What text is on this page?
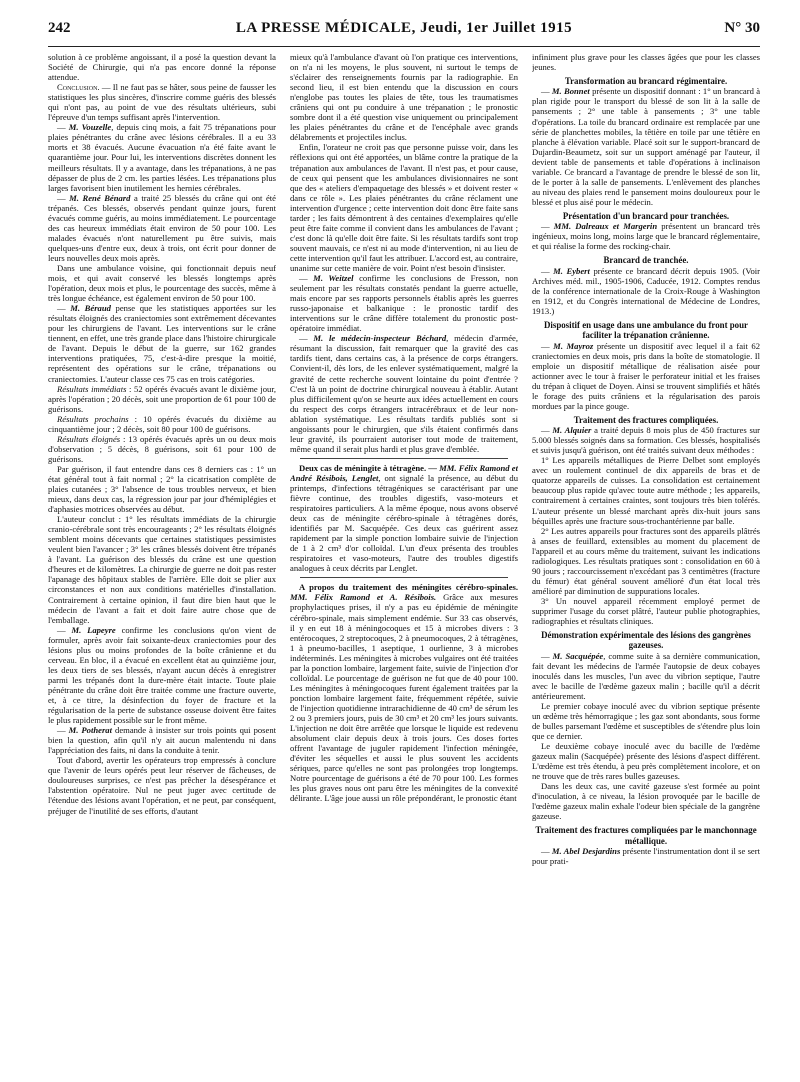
242	LA PRESSE MÉDICALE, Jeudi, 1er Juillet 1915	N° 30

solution à ce problème angoissant, il a posé la question devant la Société de Chirurgie, qui n'a pas encore donné la réponse attendue.

Conclusion. — Il ne faut pas se hâter, sous peine de fausser les statistiques les plus sincères, d'inscrire comme guéris des blessés qui n'ont pas, au point de vue des résultats ultérieurs, subi l'épreuve d'un temps suffisant après l'intervention.

— M. Vouzelle, depuis cinq mois, a fait 75 trépanations pour plaies pénétrantes du crâne avec lésions cérébrales. Il a eu 33 morts et 38 évacués. Aucune évacuation n'a été faite avant le quarantième jour. Pour lui, les interventions discrètes donnent les meilleurs résultats. Il y a avantage, dans les trépanations, à ne pas dépasser de plus de 2 cm. les parties lésées. Les trépanations plus larges favorisent bien inutilement les hernies cérébrales.

— M. René Bénard a traité 25 blessés du crâne qui ont été trépanés. Ces blessés, observés pendant quinze jours, furent évacués comme guéris, au moins immédiatement. Le pourcentage des cas heureux immédiats était environ de 50 pour 100. Les malades évacués n'ont naturellement pu être suivis, mais quelques-uns d'entre eux, deux à trois, ont écrit pour donner de leurs nouvelles deux mois après.

Dans une ambulance voisine, qui fonctionnait depuis neuf mois, et qui avait conservé les blessés longtemps après l'opération, deux mois et plus, le pourcentage des succès, même à très longue échéance, est également environ de 50 pour 100.

— M. Béraud pense que les statistiques apportées sur les résultats éloignés des craniectomies sont extrêmement décevantes pour les chirurgiens de l'avant. Les interventions sur le crâne tiennent, en effet, une très grande place dans l'histoire chirurgicale de l'avant. Depuis le début de la guerre, sur 162 grandes interventions pratiquées, 75, c'est-à-dire presque la moitié, représentent des opérations sur le crâne, trépanations ou craniectomies. L'auteur classe ces 75 cas en trois catégories.

Résultats immédiats : 52 opérés évacués avant le dixième jour, après l'opération ; 20 décès, soit une proportion de 61 pour 100 de guérisons.

Résultats prochains : 10 opérés évacués du dixième au cinquantième jour ; 2 décès, soit 80 pour 100 de guérisons.

Résultats éloignés : 13 opérés évacués après un ou deux mois d'observation ; 5 décès, 8 guérisons, soit 61 pour 100 de guérisons.

Par guérison, il faut entendre dans ces 8 derniers cas : 1° un état général tout à fait normal ; 2° la cicatrisation complète de plaies cutanées ; 3° l'absence de tous troubles nerveux, et bien mieux, dans deux cas, la régression jour par jour d'hémiplégies et d'aphasies motrices observées au début.

L'auteur conclut : 1° les résultats immédiats de la chirurgie cranio-cérébrale sont très encourageants ; 2° les résultats éloignés semblent moins décevants que certaines statistiques pessimistes veulent bien l'avancer ; 3° les crânes blessés doivent être trépanés à l'avant. La guérison des blessés du crâne est une question d'heures et de kilomètres. La chirurgie de guerre ne doit pas rester l'apanage des hôpitaux stables de l'arrière. Elle doit se plier aux circonstances et non aux conditions matérielles d'installation. Contrairement à certaine opinion, il faut dire bien haut que le médecin de l'avant a fait et doit faire autre chose que de l'emballage.

— M. Lapeyre confirme les conclusions qu'on vient de formuler, après avoir fait soixante-deux craniectomies pour des lésions plus ou moins profondes de la boîte crânienne et du cerveau. En bloc, il a évacué en excellent état au quinzième jour, les deux tiers de ses blessés, n'ayant aucun décès à enregistrer parmi les trépanés dont la dure-mère était intacte. Toute plaie pénétrante du crâne doit être traitée comme une fracture ouverte, et, à ce titre, la désinfection du foyer de fracture et la régularisation de la perte de substance osseuse doivent être faites le plus rapidement possible sur le front même.

— M. Potherat demande à insister sur trois points qui posent bien la question, afin qu'il n'y ait aucun malentendu ni dans l'appréciation des faits, ni dans la conduite à tenir.

Tout d'abord, avertir les opérateurs trop empressés à conclure que l'avenir de leurs opérés peut leur réserver de fâcheuses, de douloureuses surprises, ce n'est pas prêcher la désespérance et l'abstention opératoire. Nul ne peut juger avec certitude de l'étendue des lésions avant l'opération, et ne peut, par conséquent, préjuger de l'inutilité de ses efforts, d'autant

mieux qu'à l'ambulance d'avant où l'on pratique ces interventions, on n'a ni les moyens, le plus souvent, ni surtout le temps de s'éclairer des renseignements fournis par la radiographie. En second lieu, il est bien entendu que la discussion en cours n'englobe pas toutes les plaies de tête, tous les traumatismes crâniens qui ont pu conduire à une trépanation ; le pronostic sombre dont il a été question vise uniquement ou principalement les plaies pénétrantes du crâne et de l'encéphale avec grands délabrements et projectiles inclus.

Enfin, l'orateur ne croit pas que personne puisse voir, dans les réflexions qui ont été apportées, un blâme contre la pratique de la trépanation aux ambulances de l'avant. Il n'est pas, et pour cause, de ceux qui pensent que les ambulances divisionnaires ne sont que des « ateliers d'empaquetage des blessés » et doivent rester « dans ce rôle ». Les plaies pénétrantes du crâne réclament une intervention d'urgence ; cette intervention doit donc être faite sans tarder ; les faits démontrent à des centaines d'exemplaires qu'elle peut être faite comme il convient dans les ambulances de l'avant ; c'est donc là qu'elle doit être faite. Si les résultats tardifs sont trop souvent mauvais, ce n'est ni au mode d'intervention, ni au lieu de cette intervention qu'il faut les attribuer. L'accord est, au contraire, unanime sur cette manière de voir. Point n'est besoin d'insister.

— M. Weitzel confirme les conclusions de Fresson, non seulement par les résultats constatés pendant la guerre actuelle, mais encore par ses rapports personnels établis après les guerres russo-japonaise et balkanique : le pronostic tardif des interventions sur le crâne diffère totalement du pronostic post-opératoire immédiat.

— M. le médecin-inspecteur Béchard, médecin d'armée, résumant la discussion, fait remarquer que la gravité des cas tardifs tient, dans certains cas, à la présence de corps étrangers. Convient-il, dès lors, de les enlever systématiquement, malgré la gravité de cette recherche souvent lointaine du point d'entrée ? C'est là un point de doctrine chirurgical nouveau à établir. Autant plus difficilement qu'on se heurte aux idées actuellement en cours du respect des corps étrangers intracérébraux et de leur non-ablation systématique. Les résultats tardifs publiés sont si angoissants pour le chirurgien, que s'ils étaient confirmés dans leur gravité, ils pourraient autoriser tout mode de traitement, même quand il serait plus hardi et plus grave d'emblée.

Deux cas de méningite à tétragène. — MM. Félix Ramond et André Résibois, Lenglet, ont signalé la présence, au début du printemps, d'infections tétragéniques se caractérisant par une fièvre continue, des troubles digestifs, vaso-moteurs et respiratoires particuliers. A la même époque, nous avons observé deux cas de méningite cérébro-spinale à tétragènes dorés, identifiés par M. Sacquépée. Ces deux cas guérirent assez rapidement par la simple ponction lombaire suivie de l'injection de 1 à 2 cm³ d'or colloïdal. L'un d'eux présenta des troubles respiratoires et vaso-moteurs, l'autre des troubles digestifs analogues à ceux décrits par Lenglet.

A propos du traitement des méningites cérébro-spinales. MM. Félix Ramond et A. Résibois. Grâce aux mesures prophylactiques prises, il n'y a pas eu épidémie de méningite cérébro-spinale, mais simplement endémie. Sur 33 cas observés, il y en eut 18 à méningocoques et 15 à microbes divers : 3 entérocoques, 2 streptocoques, 2 à pneumocoques, 2 à tétragènes, 1 à pneumo-bacilles, 1 aseptique, 1 ourlienne, 3 à microbes indéterminés. Les méningites à microbes vulgaires ont été traitées par la ponction lombaire, largement faite, suivie de l'injection d'or colloïdal. Le pourcentage de guérison ne fut que de 40 pour 100. Les méningites à méningocoques furent également traitées par la ponction lombaire largement faite, fréquemment répétée, suivie de l'injection quotidienne intrarachidienne de 40 cm³ de sérum les 2 ou 3 premiers jours, puis de 30 cm³ et 20 cm³ les jours suivants. L'injection ne doit être arrêtée que lorsque le liquide est redevenu absolument clair depuis deux à trois jours. Ces doses fortes offrent l'avantage de juguler rapidement l'infection méningée, d'éviter les séquelles et aussi le plus souvent les accidents sériques, parce qu'elles ne sont pas prolongées trop longtemps. Notre pourcentage de guérisons a été de 70 pour 100. Les formes les plus graves nous ont paru être les méningites de la convexité délirante. L'âge joue aussi un rôle prépondérant, le pronostic étant

infiniment plus grave pour les classes âgées que pour les classes jeunes.

Transformation au brancard régimentaire.

— M. Bonnet présente un dispositif donnant : 1° un brancard à plan rigide pour le transport du blessé de son lit à la salle de pansements ; 2° une table à pansements ; 3° une table d'opérations. La toile du brancard ordinaire est remplacée par une série de planchettes mobiles, la têtière en toile par une têtière en planche à élévation variable. Placé soit sur le support-brancard de Dujardin-Beaumetz, soit sur un support aménagé par l'auteur, il devient table de pansements et table d'opérations à inclinaison variable. Ce brancard a l'avantage de prendre le blessé de son lit, de le porter à la salle de pansements. L'enlèvement des planches au niveau des plaies rend le pansement moins douloureux pour le blessé et plus aisé pour le médecin.

Présentation d'un brancard pour tranchées.

— MM. Dalreaux et Margerin présentent un brancard très ingénieux, moins long, moins large que le brancard réglementaire, et qui réalise la forme des rocking-chair.

Brancard de tranchée.

— M. Eybert présente ce brancard décrit depuis 1905. (Voir Archives méd. mil., 1905-1906, Caducée, 1912. Comptes rendus de la conférence internationale de la Croix-Rouge à Washington en 1912, et du Congrès international de Médecine de Londres, 1913.)

Dispositif en usage dans une ambulance du front pour faciliter la trépanation crânienne.

— M. Mayroz présente un dispositif avec lequel il a fait 62 craniectomies en deux mois, pris dans la boîte de stomatologie. Il emploie un dispositif métallique de réalisation aisée pour actionner avec le tour à fraiser le perforateur initial et les fraises du trépan à cliquet de Doyen. Ainsi se trouvent simplifiés et hâtés le forage des puits crâniens et la régularisation des parois mordues par la pince gouge.

Traitement des fractures compliquées.

— M. Alquier a traité depuis 8 mois plus de 450 fractures sur 5.000 blessés soignés dans sa formation. Ces blessés, hospitalisés et suivis jusqu'à guérison, ont été traités suivant deux méthodes :

1° Les appareils métalliques de Pierre Delbet sont employés avec un roulement continuel de dix appareils de bras et de quatorze appareils de cuisses. La consolidation est certainement beaucoup plus rapide qu'avec toute autre méthode ; les appareils, contrairement à certaines craintes, sont toujours très bien tolérés. L'auteur présente un blessé marchant après dix-huit jours sans béquilles après une fracture sous-trochantérienne par balle.

2° Les autres appareils pour fractures sont des appareils plâtrés à anses de feuillard, extensibles au moment du placement de l'appareil et au cours même du traitement, suivant les indications radiologiques. Les résultats pratiques sont : consolidation en 60 à 90 jours ; raccourcissement n'excédant pas 3 centimètres (fracture du fémur) état général souvent amélioré d'un état local très amélioré par diminution de suppurations locales.

3° Un nouvel appareil récemment employé permet de supprimer l'usage du corset plâtré, l'auteur publie photographies, radiographies et résultats cliniques.

Démonstration expérimentale des lésions des gangrènes gazeuses.

— M. Sacquépée, comme suite à sa dernière communication, fait devant les médecins de l'armée l'autopsie de deux cobayes inoculés dans les muscles, l'un avec du vibrion septique, l'autre avec le bacille de l'œdème gazeux malin ; bacille qu'il a décrit antérieurement.

Le premier cobaye inoculé avec du vibrion septique présente un œdème très hémorragique ; les gaz sont abondants, sous forme de bulles parsemant l'œdème et susceptibles de s'étendre plus loin que ce dernier.

Le deuxième cobaye inoculé avec du bacille de l'œdème gazeux malin (Sacquépée) présente des lésions d'aspect différent. L'œdème est très étendu, à peu près complètement incolore, et on ne trouve que de très rares bulles gazeuses.

Dans les deux cas, une cavité gazeuse s'est formée au point d'inoculation, à ce niveau, la lésion provoquée par le bacille de l'œdème gazeux malin exhale l'odeur bien spéciale de la gangrène gazeuse.

Traitement des fractures compliquées par le manchonnage métallique.

— M. Abel Desjardins présente l'instrumentation dont il se sert pour prati-
